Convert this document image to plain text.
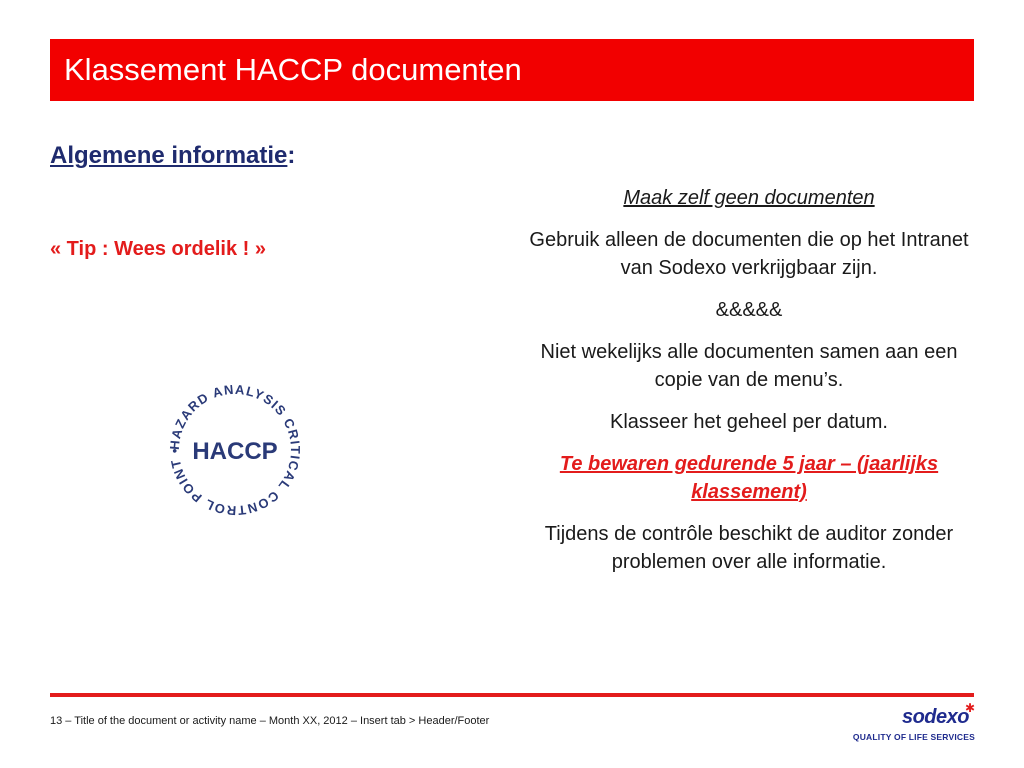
Klassement HACCP documenten
Algemene informatie:
« Tip : Wees ordelik ! »
HAZARD ANALYSIS CRITICAL CONTROL POINT • HACCP

Maak zelf geen documenten

Gebruik alleen de documenten die op het Intranet van Sodexo verkrijgbaar zijn.

&&&&&

Niet wekelijks alle documenten samen aan een copie van de menu’s.

Klasseer het geheel per datum.

Te bewaren gedurende 5 jaar – (jaarlijks klassement)

Tijdens de contrôle beschikt de auditor zonder problemen over alle informatie.

13 – Title of the document or activity name – Month XX, 2012 – Insert tab > Header/Footer	sodexo
✱
QUALITY OF LIFE SERVICES
